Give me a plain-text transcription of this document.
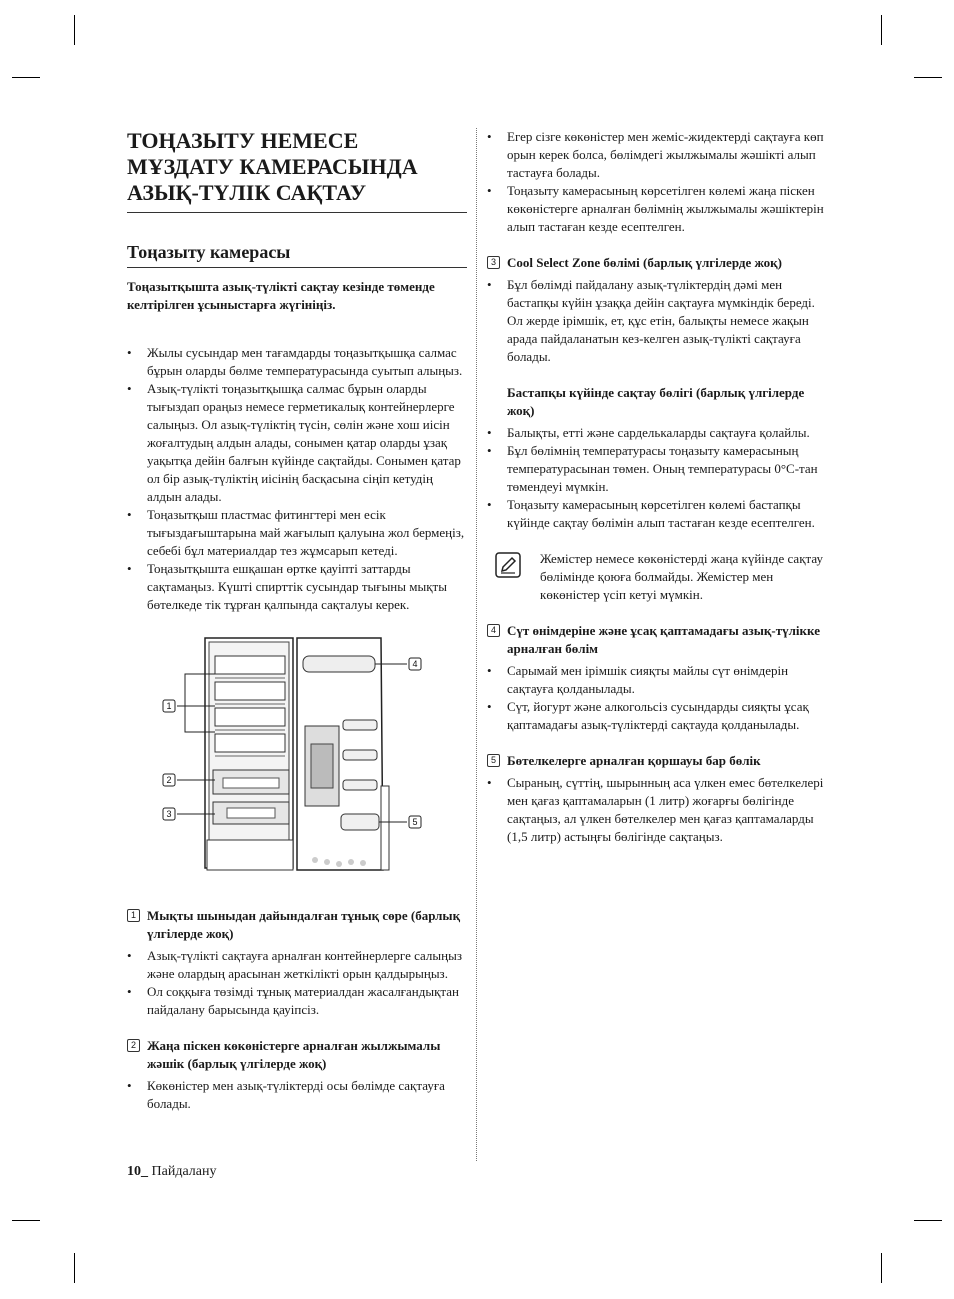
ТОҢАЗЫТУ НЕМЕСЕ МҰЗДАТУ КАМЕРАСЫНДА АЗЫҚ-ТҮЛІК САҚТАУ
Тоңазыту камерасы
Тоңазытқышта азық-түлікті сақтау кезінде төменде келтірілген ұсыныстарға жүгініңіз.
• Жылы сусындар мен тағамдарды тоңазытқышқа салмас бұрын оларды бөлме температурасында суытып алыңыз.
• Азық-түлікті тоңазытқышқа салмас бұрын оларды тығыздап ораңыз немесе герметикалық контейнерлерге салыңыз. Ол азық-түліктің түсін, сөлін және хош иісін жоғалтудың алдын алады, сонымен қатар оларды ұзақ уақытқа дейін балғын күйінде сақтайды. Сонымен қатар ол бір азық-түліктің иісінің басқасына сіңіп кетудің алдын алады.
• Тоңазытқыш пластмас фитингтері мен есік тығыздағыштарына май жағылып қалуына жол бермеңіз, себебі бұл материалдар тез жұмсарып кетеді.
• Тоңазытқышта ешқашан өртке қауіпті заттарды сақтамаңыз. Күшті спирттік сусындар тығыны мықты бөтелкеде тік тұрған қалпында сақталуы керек.
1
2
3
4
5
1 Мықты шыныдан дайындалған тұнық сөре (барлық үлгілерде жоқ)
• Азық-түлікті сақтауға арналған контейнерлерге салыңыз және олардың арасынан жеткілікті орын қалдырыңыз.
• Ол соққыға төзімді тұнық материалдан жасалғандықтан пайдалану барысында қауіпсіз.
2 Жаңа піскен көкөністерге арналған жылжымалы жәшік (барлық үлгілерде жоқ)
• Көкөністер мен азық-түліктерді осы бөлімде сақтауға болады.
• Егер сізге көкөністер мен жеміс-жидектерді сақтауға көп орын керек болса, бөлімдегі жылжымалы жәшікті алып тастауға болады.
• Тоңазыту камерасының көрсетілген көлемі жаңа піскен көкөністерге арналған бөлімнің жылжымалы жәшіктерін алып тастаған кезде есептелген.
3 Cool Select Zone бөлімі (барлық үлгілерде жоқ)
• Бұл бөлімді пайдалану азық-түліктердің дәмі мен бастапқы күйін ұзаққа дейін сақтауға мүмкіндік береді. Ол жерде ірімшік, ет, құс етін, балықты немесе жақын арада пайдаланатын кез-келген азық-түлікті сақтауға болады.
Бастапқы күйінде сақтау бөлігі (барлық үлгілерде жоқ)
• Балықты, етті және сарделькаларды сақтауға қолайлы.
• Бұл бөлімнің температурасы тоңазыту камерасының температурасынан төмен. Оның температурасы 0°C-тан төмендеуі мүмкін.
• Тоңазыту камерасының көрсетілген көлемі бастапқы күйінде сақтау бөлімін алып тастаған кезде есептелген.
Жемістер немесе көкөністерді жаңа күйінде сақтау бөлімінде қоюға болмайды. Жемістер мен көкөністер үсіп кетуі мүмкін.
4 Сүт өнімдеріне және ұсақ қаптамадағы азық-түлікке арналған бөлім
• Сарымай мен ірімшік сияқты майлы сүт өнімдерін сақтауға қолданылады.
• Сүт, йогурт және алкогольсіз сусындарды сияқты ұсақ қаптамадағы азық-түліктерді сақтауда қолданылады.
5 Бөтелкелерге арналған қоршауы бар бөлік
• Сыраның, сүттің, шырынның аса үлкен емес бөтелкелері мен қағаз қаптамаларын (1 литр) жоғарғы бөлігінде сақтаңыз, ал үлкен бөтелкелер мен қағаз қаптамаларды (1,5 литр) астыңғы бөлігінде сақтаңыз.
10_ Пайдалану
